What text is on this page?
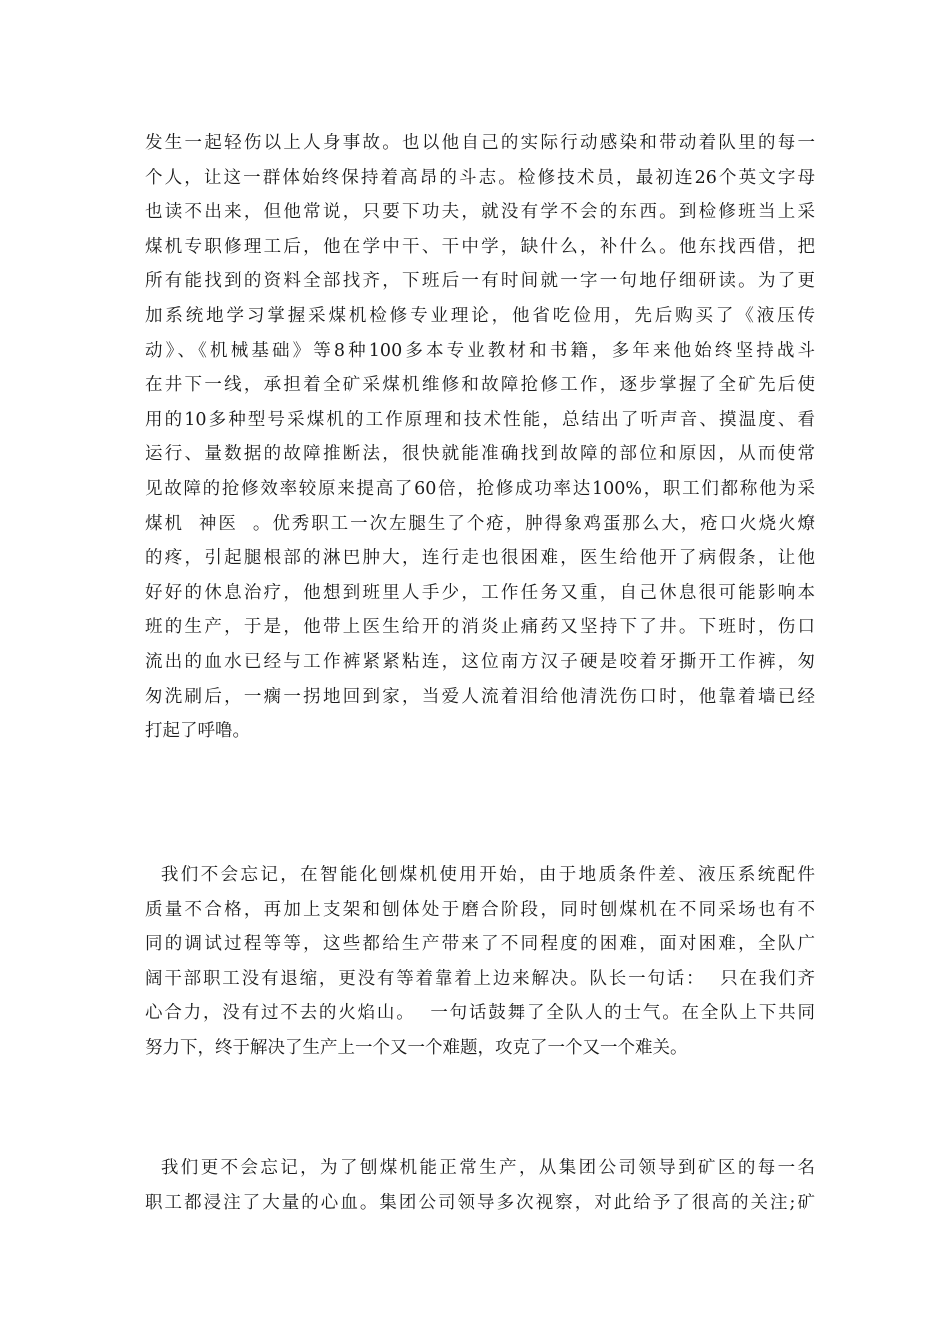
发生一起轻伤以上人身事故。也以他自己的实际行动感染和带动着队里的每一
个人，让这一群体始终保持着高昂的斗志。检修技术员，最初连26个英文字母
也读不出来，但他常说，只要下功夫，就没有学不会的东西。到检修班当上采
煤机专职修理工后，他在学中干、干中学，缺什么，补什么。他东找西借，把
所有能找到的资料全部找齐，下班后一有时间就一字一句地仔细研读。为了更
加系统地学习掌握采煤机检修专业理论，他省吃俭用，先后购买了《液压传
动》、《机械基础》等8种100多本专业教材和书籍，多年来他始终坚持战斗
在井下一线，承担着全矿采煤机维修和故障抢修工作，逐步掌握了全矿先后使
用的10多种型号采煤机的工作原理和技术性能，总结出了听声音、摸温度、看
运行、量数据的故障推断法，很快就能准确找到故障的部位和原因，从而使常
见故障的抢修效率较原来提高了60倍，抢修成功率达100%，职工们都称他为采
煤机  神医  。优秀职工一次左腿生了个疮，肿得象鸡蛋那么大，疮口火烧火燎
的疼，引起腿根部的淋巴肿大，连行走也很困难，医生给他开了病假条，让他
好好的休息治疗，他想到班里人手少，工作任务又重，自己休息很可能影响本
班的生产，于是，他带上医生给开的消炎止痛药又坚持下了井。下班时，伤口
流出的血水已经与工作裤紧紧粘连，这位南方汉子硬是咬着牙撕开工作裤，匆
匆洗刷后，一瘸一拐地回到家，当爱人流着泪给他清洗伤口时，他靠着墙已经
打起了呼噜。
我们不会忘记，在智能化刨煤机使用开始，由于地质条件差、液压系统配件
质量不合格，再加上支架和刨体处于磨合阶段，同时刨煤机在不同采场也有不
同的调试过程等等，这些都给生产带来了不同程度的困难，面对困难，全队广
阔干部职工没有退缩，更没有等着靠着上边来解决。队长一句话：  只在我们齐
心合力，没有过不去的火焰山。  一句话鼓舞了全队人的士气。在全队上下共同
努力下，终于解决了生产上一个又一个难题，攻克了一个又一个难关。
我们更不会忘记，为了刨煤机能正常生产，从集团公司领导到矿区的每一名
职工都浸注了大量的心血。集团公司领导多次视察，对此给予了很高的关注;矿
